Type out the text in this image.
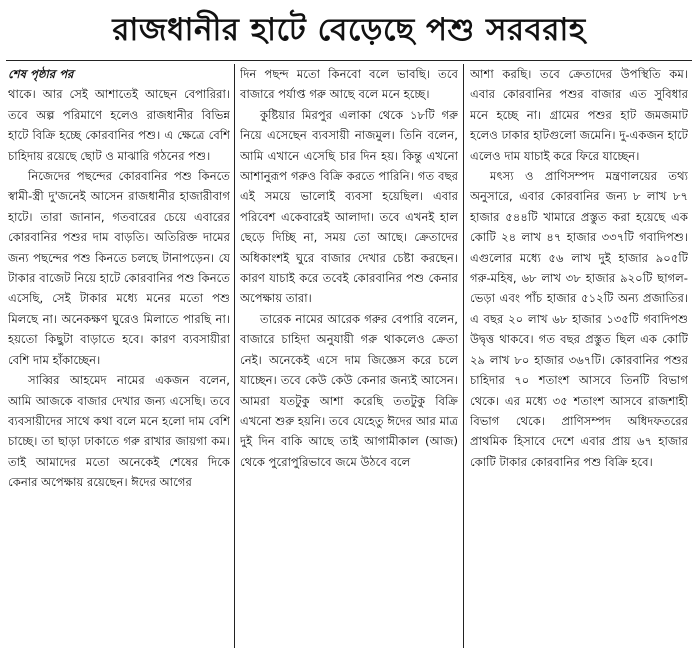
রাজধানীর হাটে বেড়েছে পশু সরবরাহ

শেষ পৃষ্ঠার পর

থাকে। আর সেই আশাতেই আছেন বেপারিরা। তবে অল্প পরিমাণে হলেও রাজধানীর বিভিন্ন হাটে বিক্রি হচ্ছে কোরবানির পশু। এ ক্ষেত্রে বেশি চাহিদায় রয়েছে ছোট ও মাঝারি গঠনের পশু।

নিজেদের পছন্দের কোরবানির পশু কিনতে স্বামী-স্ত্রী দু'জনেই আসেন রাজধানীর হাজারীবাগ হাটে। তারা জানান, গতবারের চেয়ে এবারের কোরবানির পশুর দাম বাড়তি। অতিরিক্ত দামের জন্য পছন্দের পশু কিনতে চলছে টানাপড়েন। যে টাকার বাজেট নিয়ে হাটে কোরবানির পশু কিনতে এসেছি, সেই টাকার মধ্যে মনের মতো পশু মিলছে না। অনেকক্ষণ ঘুরেও মিলাতে পারছি না। হয়তো কিছুটা বাড়াতে হবে। কারণ ব্যবসায়ীরা বেশি দাম হাঁকাচ্ছেন।

সাব্বির আহমেদ নামের একজন বলেন, আমি আজকে বাজার দেখার জন্য এসেছি। তবে ব্যবসায়ীদের সাথে কথা বলে মনে হলো দাম বেশি চাচ্ছে। তা ছাড়া ঢাকাতে গরু রাখার জায়গা কম। তাই আমাদের মতো অনেকেই শেষের দিকে কেনার অপেক্ষায় রয়েছেন। ঈদের আগের

দিন পছন্দ মতো কিনবো বলে ভাবছি। তবে বাজারে পর্যাপ্ত গরু আছে বলে মনে হচ্ছে।

কুষ্টিয়ার মিরপুর এলাকা থেকে ১৮টি গরু নিয়ে এসেছেন ব্যবসায়ী নাজমুল। তিনি বলেন, আমি এখানে এসেছি চার দিন হয়। কিন্তু এখনো আশানুরূপ গরুও বিক্রি করতে পারিনি। গত বছর এই সময়ে ভালোই ব্যবসা হয়েছিল। এবার পরিবেশ একেবারেই আলাদা। তবে এখনই হাল ছেড়ে দিচ্ছি না, সময় তো আছে। ক্রেতাদের অধিকাংশই ঘুরে বাজার দেখার চেষ্টা করছেন। কারণ যাচাই করে তবেই কোরবানির পশু কেনার অপেক্ষায় তারা।

তারেক নামের আরেক গরুর বেপারি বলেন, বাজারে চাহিদা অনুযায়ী গরু থাকলেও ক্রেতা নেই। অনেকেই এসে দাম জিজ্ঞেস করে চলে যাচ্ছেন। তবে কেউ কেউ কেনার জন্যই আসেন। আমরা যতটুকু আশা করেছি ততটুকু বিক্রি এখনো শুরু হয়নি। তবে যেহেতু ঈদের আর মাত্র দুই দিন বাকি আছে তাই আগামীকাল (আজ) থেকে পুরোপুরিভাবে জমে উঠবে বলে

আশা করছি। তবে ক্রেতাদের উপস্থিতি কম। এবার কোরবানির পশুর বাজার এত সুবিধার মনে হচ্ছে না। গ্রামের পশুর হাট জমজমাট হলেও ঢাকার হাটগুলো জমেনি। দু-একজন হাটে এলেও দাম যাচাই করে ফিরে যাচ্ছেন।

মৎস্য ও প্রাণিসম্পদ মন্ত্রণালয়ের তথ্য অনুসারে, এবার কোরবানির জন্য ৮ লাখ ৮৭ হাজার ৫৪৪টি খামারে প্রস্তুত করা হয়েছে এক কোটি ২৪ লাখ ৪৭ হাজার ৩৩৭টি গবাদিপশু। এগুলোর মধ্যে ৫৬ লাখ দুই হাজার ৯০৫টি গরু-মহিষ, ৬৮ লাখ ৩৮ হাজার ৯২০টি ছাগল-ভেড়া এবং পাঁচ হাজার ৫১২টি অন্য প্রজাতির। এ বছর ২০ লাখ ৬৮ হাজার ১৩৫টি গবাদিপশু উদ্বৃত্ত থাকবে। গত বছর প্রস্তুত ছিল এক কোটি ২৯ লাখ ৮০ হাজার ৩৬৭টি। কোরবানির পশুর চাহিদার ৭০ শতাংশ আসবে তিনটি বিভাগ থেকে। এর মধ্যে ৩৫ শতাংশ আসবে রাজশাহী বিভাগ থেকে। প্রাণিসম্পদ অধিদফতরের প্রাথমিক হিসাবে দেশে এবার প্রায় ৬৭ হাজার কোটি টাকার কোরবানির পশু বিক্রি হবে।
